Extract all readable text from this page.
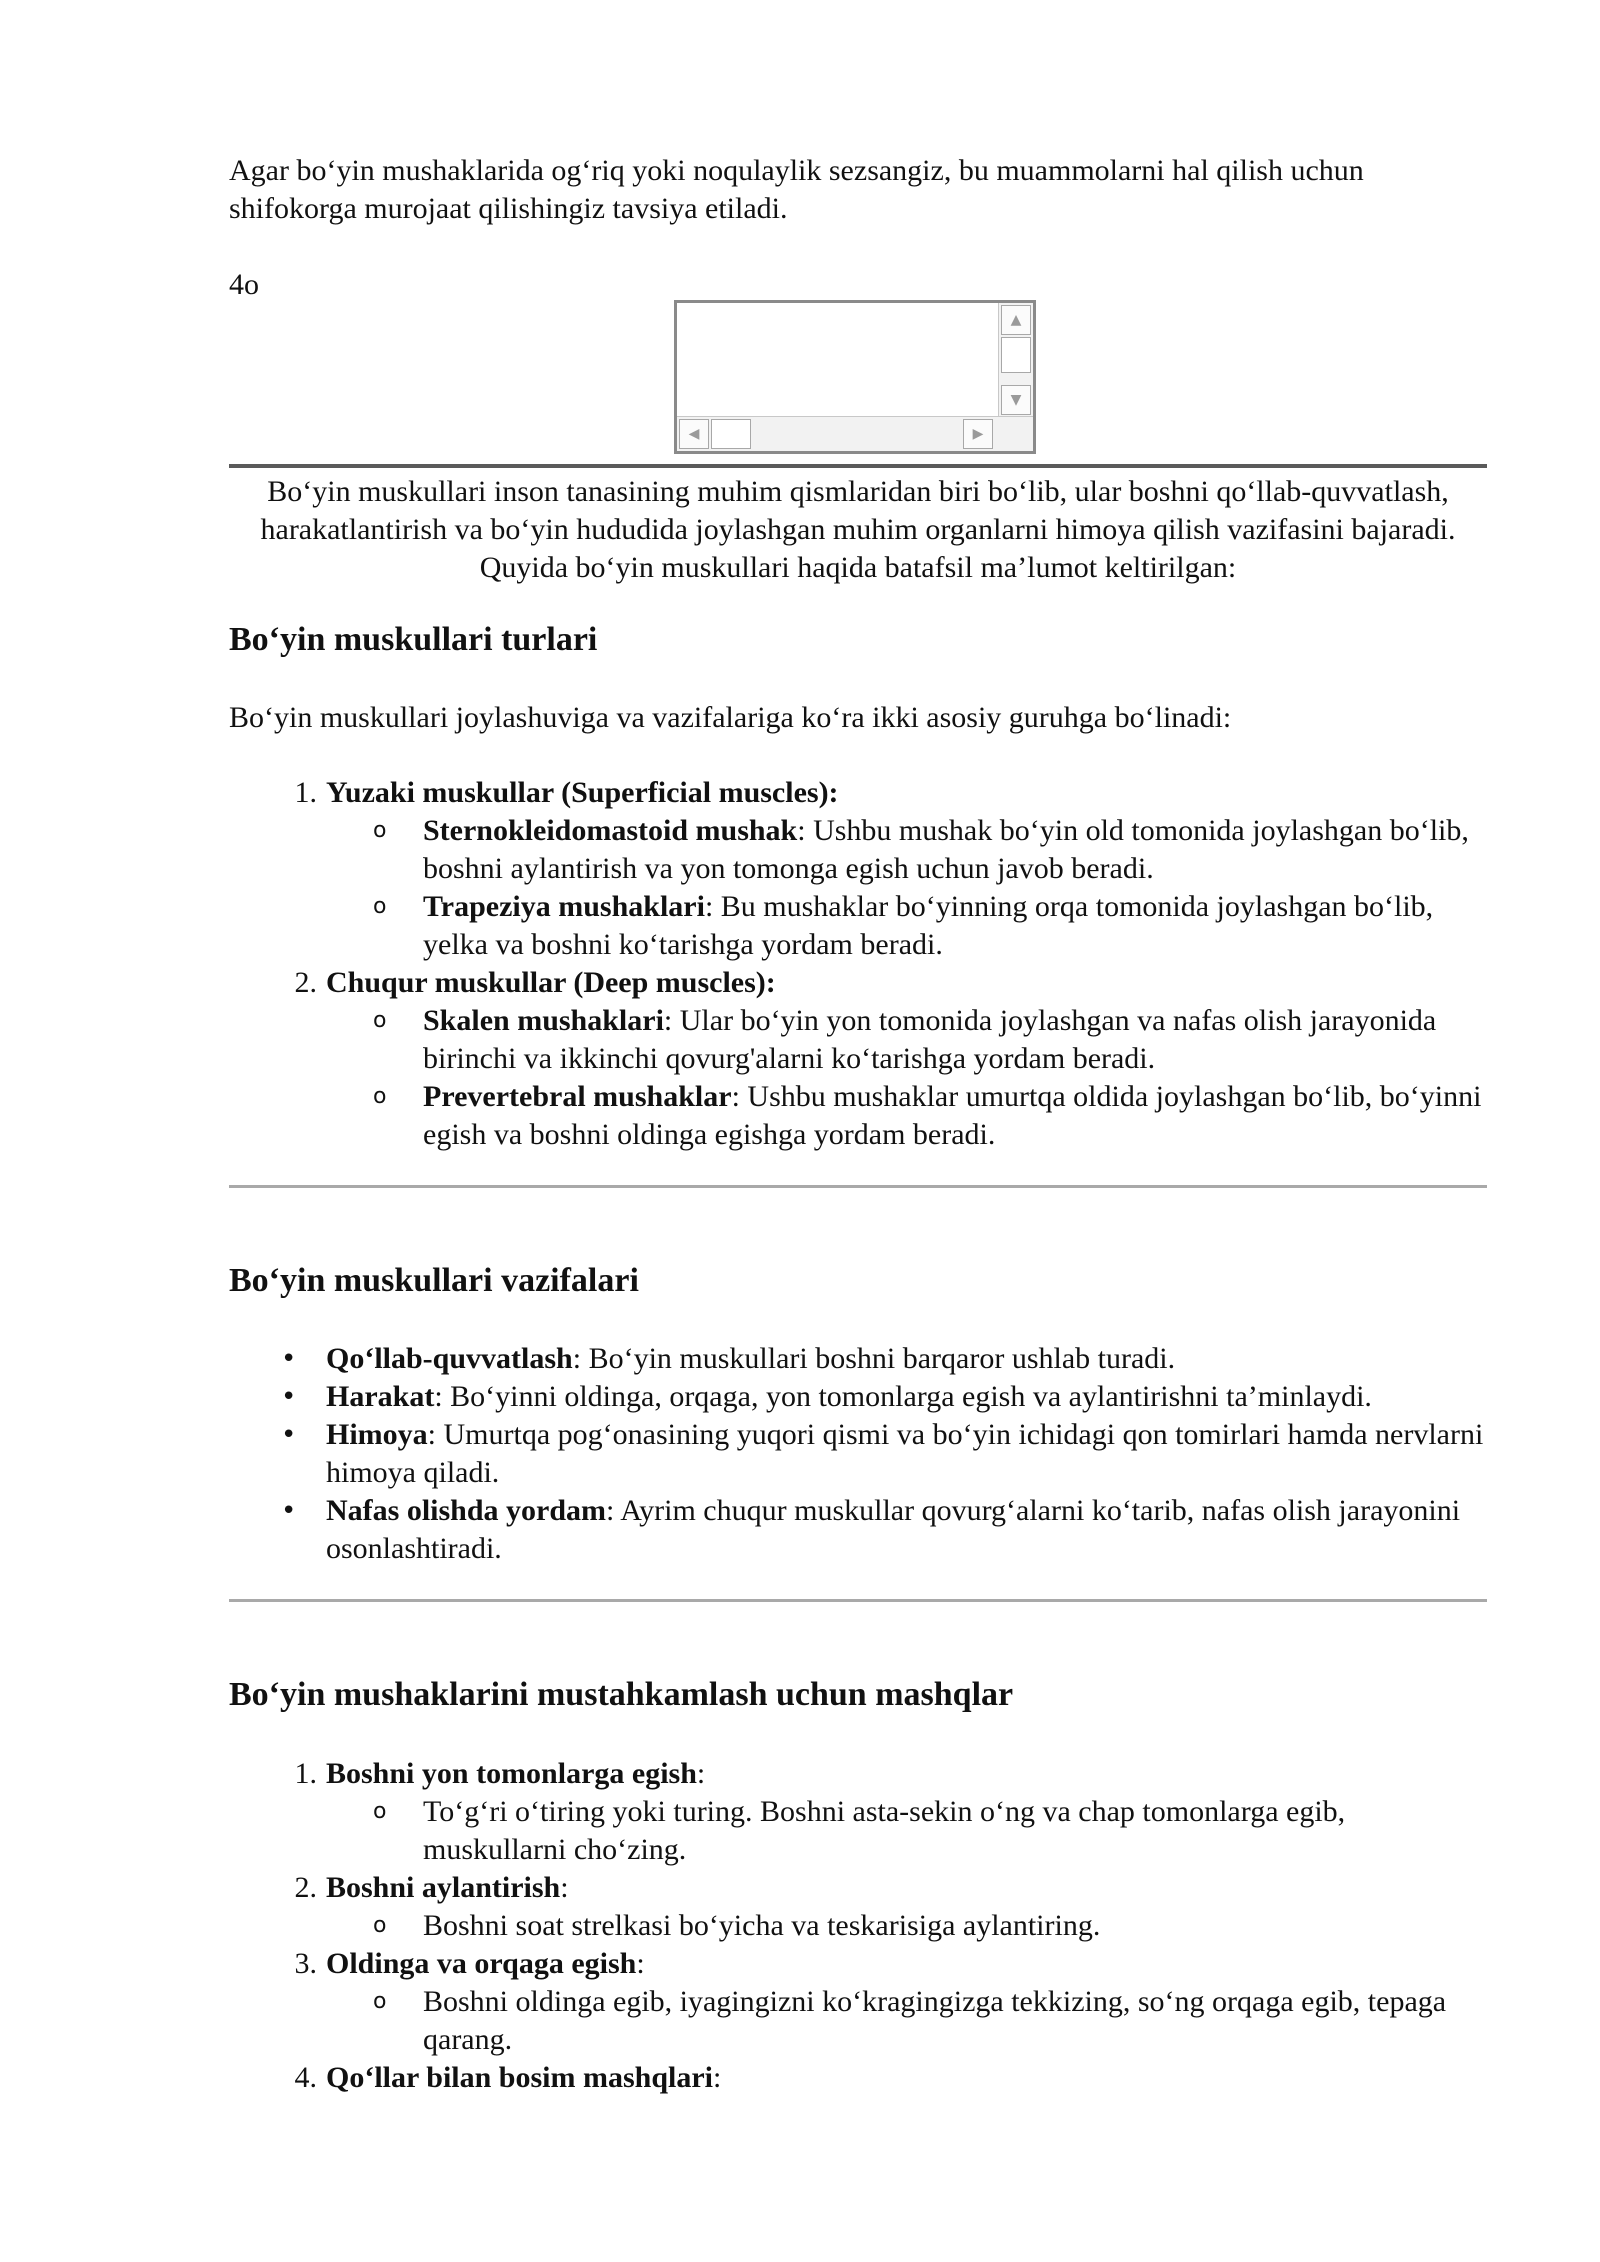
Agar bo‘yin mushaklarida og‘riq yoki noqulaylik sezsangiz, bu muammolarni hal qilish uchun shifokorga murojaat qilishingiz tavsiya etiladi.

4o

▲
▼
◀	▶

Bo‘yin muskullari inson tanasining muhim qismlaridan biri bo‘lib, ular boshni qo‘llab-quvvatlash, harakatlantirish va bo‘yin hududida joylashgan muhim organlarni himoya qilish vazifasini bajaradi. Quyida bo‘yin muskullari haqida batafsil ma’lumot keltirilgan:

Bo‘yin muskullari turlari

Bo‘yin muskullari joylashuviga va vazifalariga ko‘ra ikki asosiy guruhga bo‘linadi:

1. Yuzaki muskullar (Superficial muscles):
o Sternokleidomastoid mushak: Ushbu mushak bo‘yin old tomonida joylashgan bo‘lib, boshni aylantirish va yon tomonga egish uchun javob beradi.
o Trapeziya mushaklari: Bu mushaklar bo‘yinning orqa tomonida joylashgan bo‘lib, yelka va boshni ko‘tarishga yordam beradi.
2. Chuqur muskullar (Deep muscles):
o Skalen mushaklari: Ular bo‘yin yon tomonida joylashgan va nafas olish jarayonida birinchi va ikkinchi qovurg'alarni ko‘tarishga yordam beradi.
o Prevertebral mushaklar: Ushbu mushaklar umurtqa oldida joylashgan bo‘lib, bo‘yinni egish va boshni oldinga egishga yordam beradi.
Bo‘yin muskullari vazifalari
• Qo‘llab-quvvatlash: Bo‘yin muskullari boshni barqaror ushlab turadi.
• Harakat: Bo‘yinni oldinga, orqaga, yon tomonlarga egish va aylantirishni ta’minlaydi.
• Himoya: Umurtqa pog‘onasining yuqori qismi va bo‘yin ichidagi qon tomirlari hamda nervlarni himoya qiladi.
• Nafas olishda yordam: Ayrim chuqur muskullar qovurg‘alarni ko‘tarib, nafas olish jarayonini osonlashtiradi.
Bo‘yin mushaklarini mustahkamlash uchun mashqlar
1. Boshni yon tomonlarga egish:
o To‘g‘ri o‘tiring yoki turing. Boshni asta-sekin o‘ng va chap tomonlarga egib, muskullarni cho‘zing.
2. Boshni aylantirish:
o Boshni soat strelkasi bo‘yicha va teskarisiga aylantiring.
3. Oldinga va orqaga egish:
o Boshni oldinga egib, iyagingizni ko‘kragingizga tekkizing, so‘ng orqaga egib, tepaga qarang.
4. Qo‘llar bilan bosim mashqlari:
